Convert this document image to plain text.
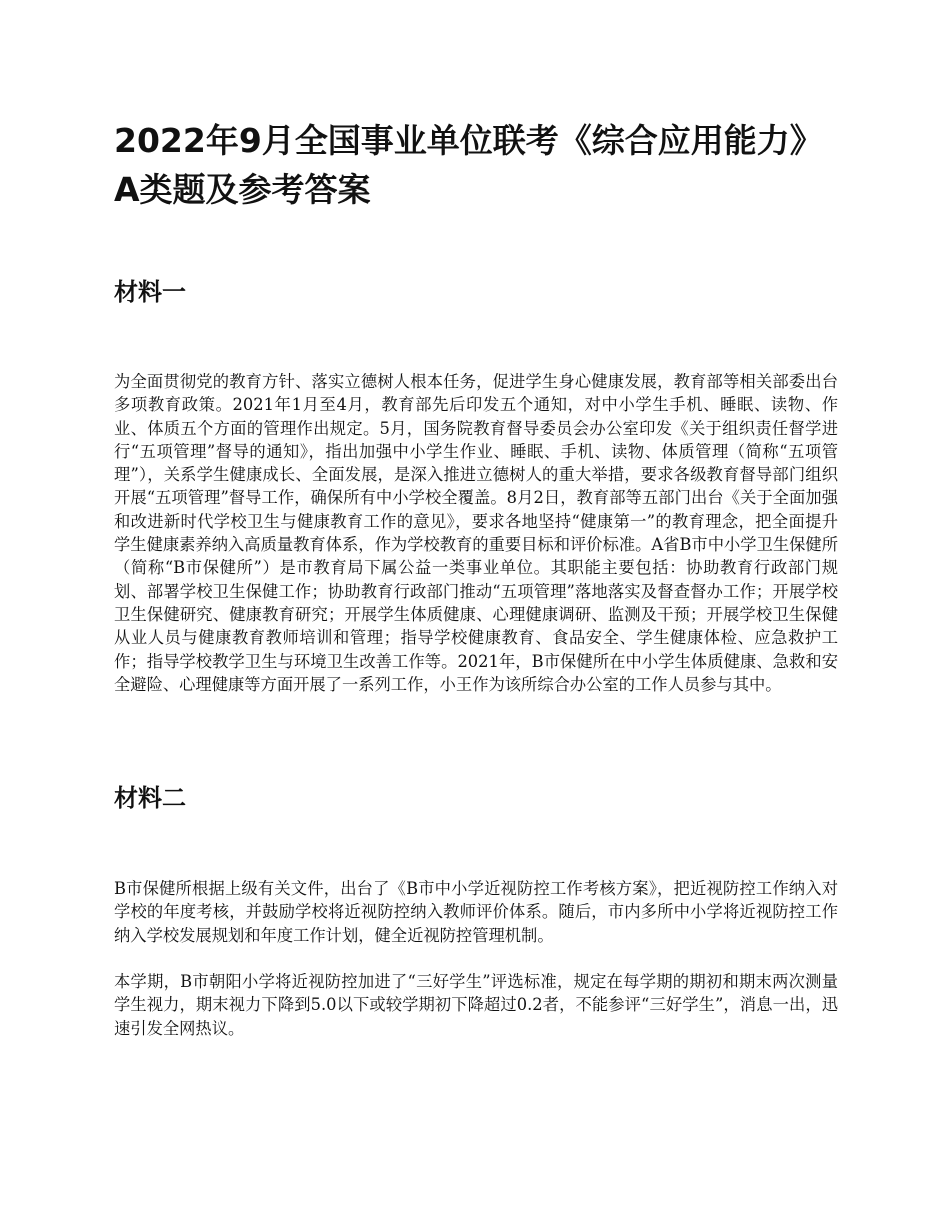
2022年9月全国事业单位联考《综合应用能力》A类题及参考答案
材料一

为全面贯彻党的教育方针、落实立德树人根本任务，促进学生身心健康发展，教育部等相关部委出台多项教育政策。2021年1月至4月，教育部先后印发五个通知，对中小学生手机、睡眠、读物、作业、体质五个方面的管理作出规定。5月，国务院教育督导委员会办公室印发《关于组织责任督学进行“五项管理”督导的通知》，指出加强中小学生作业、睡眠、手机、读物、体质管理（简称“五项管理”），关系学生健康成长、全面发展，是深入推进立德树人的重大举措，要求各级教育督导部门组织开展“五项管理”督导工作，确保所有中小学校全覆盖。8月2日，教育部等五部门出台《关于全面加强和改进新时代学校卫生与健康教育工作的意见》，要求各地坚持“健康第一”的教育理念，把全面提升学生健康素养纳入高质量教育体系，作为学校教育的重要目标和评价标准。A省B市中小学卫生保健所（简称“B市保健所”）是市教育局下属公益一类事业单位。其职能主要包括：协助教育行政部门规划、部署学校卫生保健工作；协助教育行政部门推动“五项管理”落地落实及督查督办工作；开展学校卫生保健研究、健康教育研究；开展学生体质健康、心理健康调研、监测及干预；开展学校卫生保健从业人员与健康教育教师培训和管理；指导学校健康教育、食品安全、学生健康体检、应急救护工作；指导学校教学卫生与环境卫生改善工作等。2021年，B市保健所在中小学生体质健康、急救和安全避险、心理健康等方面开展了一系列工作，小王作为该所综合办公室的工作人员参与其中。

材料二

B市保健所根据上级有关文件，出台了《B市中小学近视防控工作考核方案》，把近视防控工作纳入对学校的年度考核，并鼓励学校将近视防控纳入教师评价体系。随后，市内多所中小学将近视防控工作纳入学校发展规划和年度工作计划，健全近视防控管理机制。

本学期，B市朝阳小学将近视防控加进了“三好学生”评选标准，规定在每学期的期初和期末两次测量学生视力，期末视力下降到5.0以下或较学期初下降超过0.2者，不能参评“三好学生”，消息一出，迅速引发全网热议。
